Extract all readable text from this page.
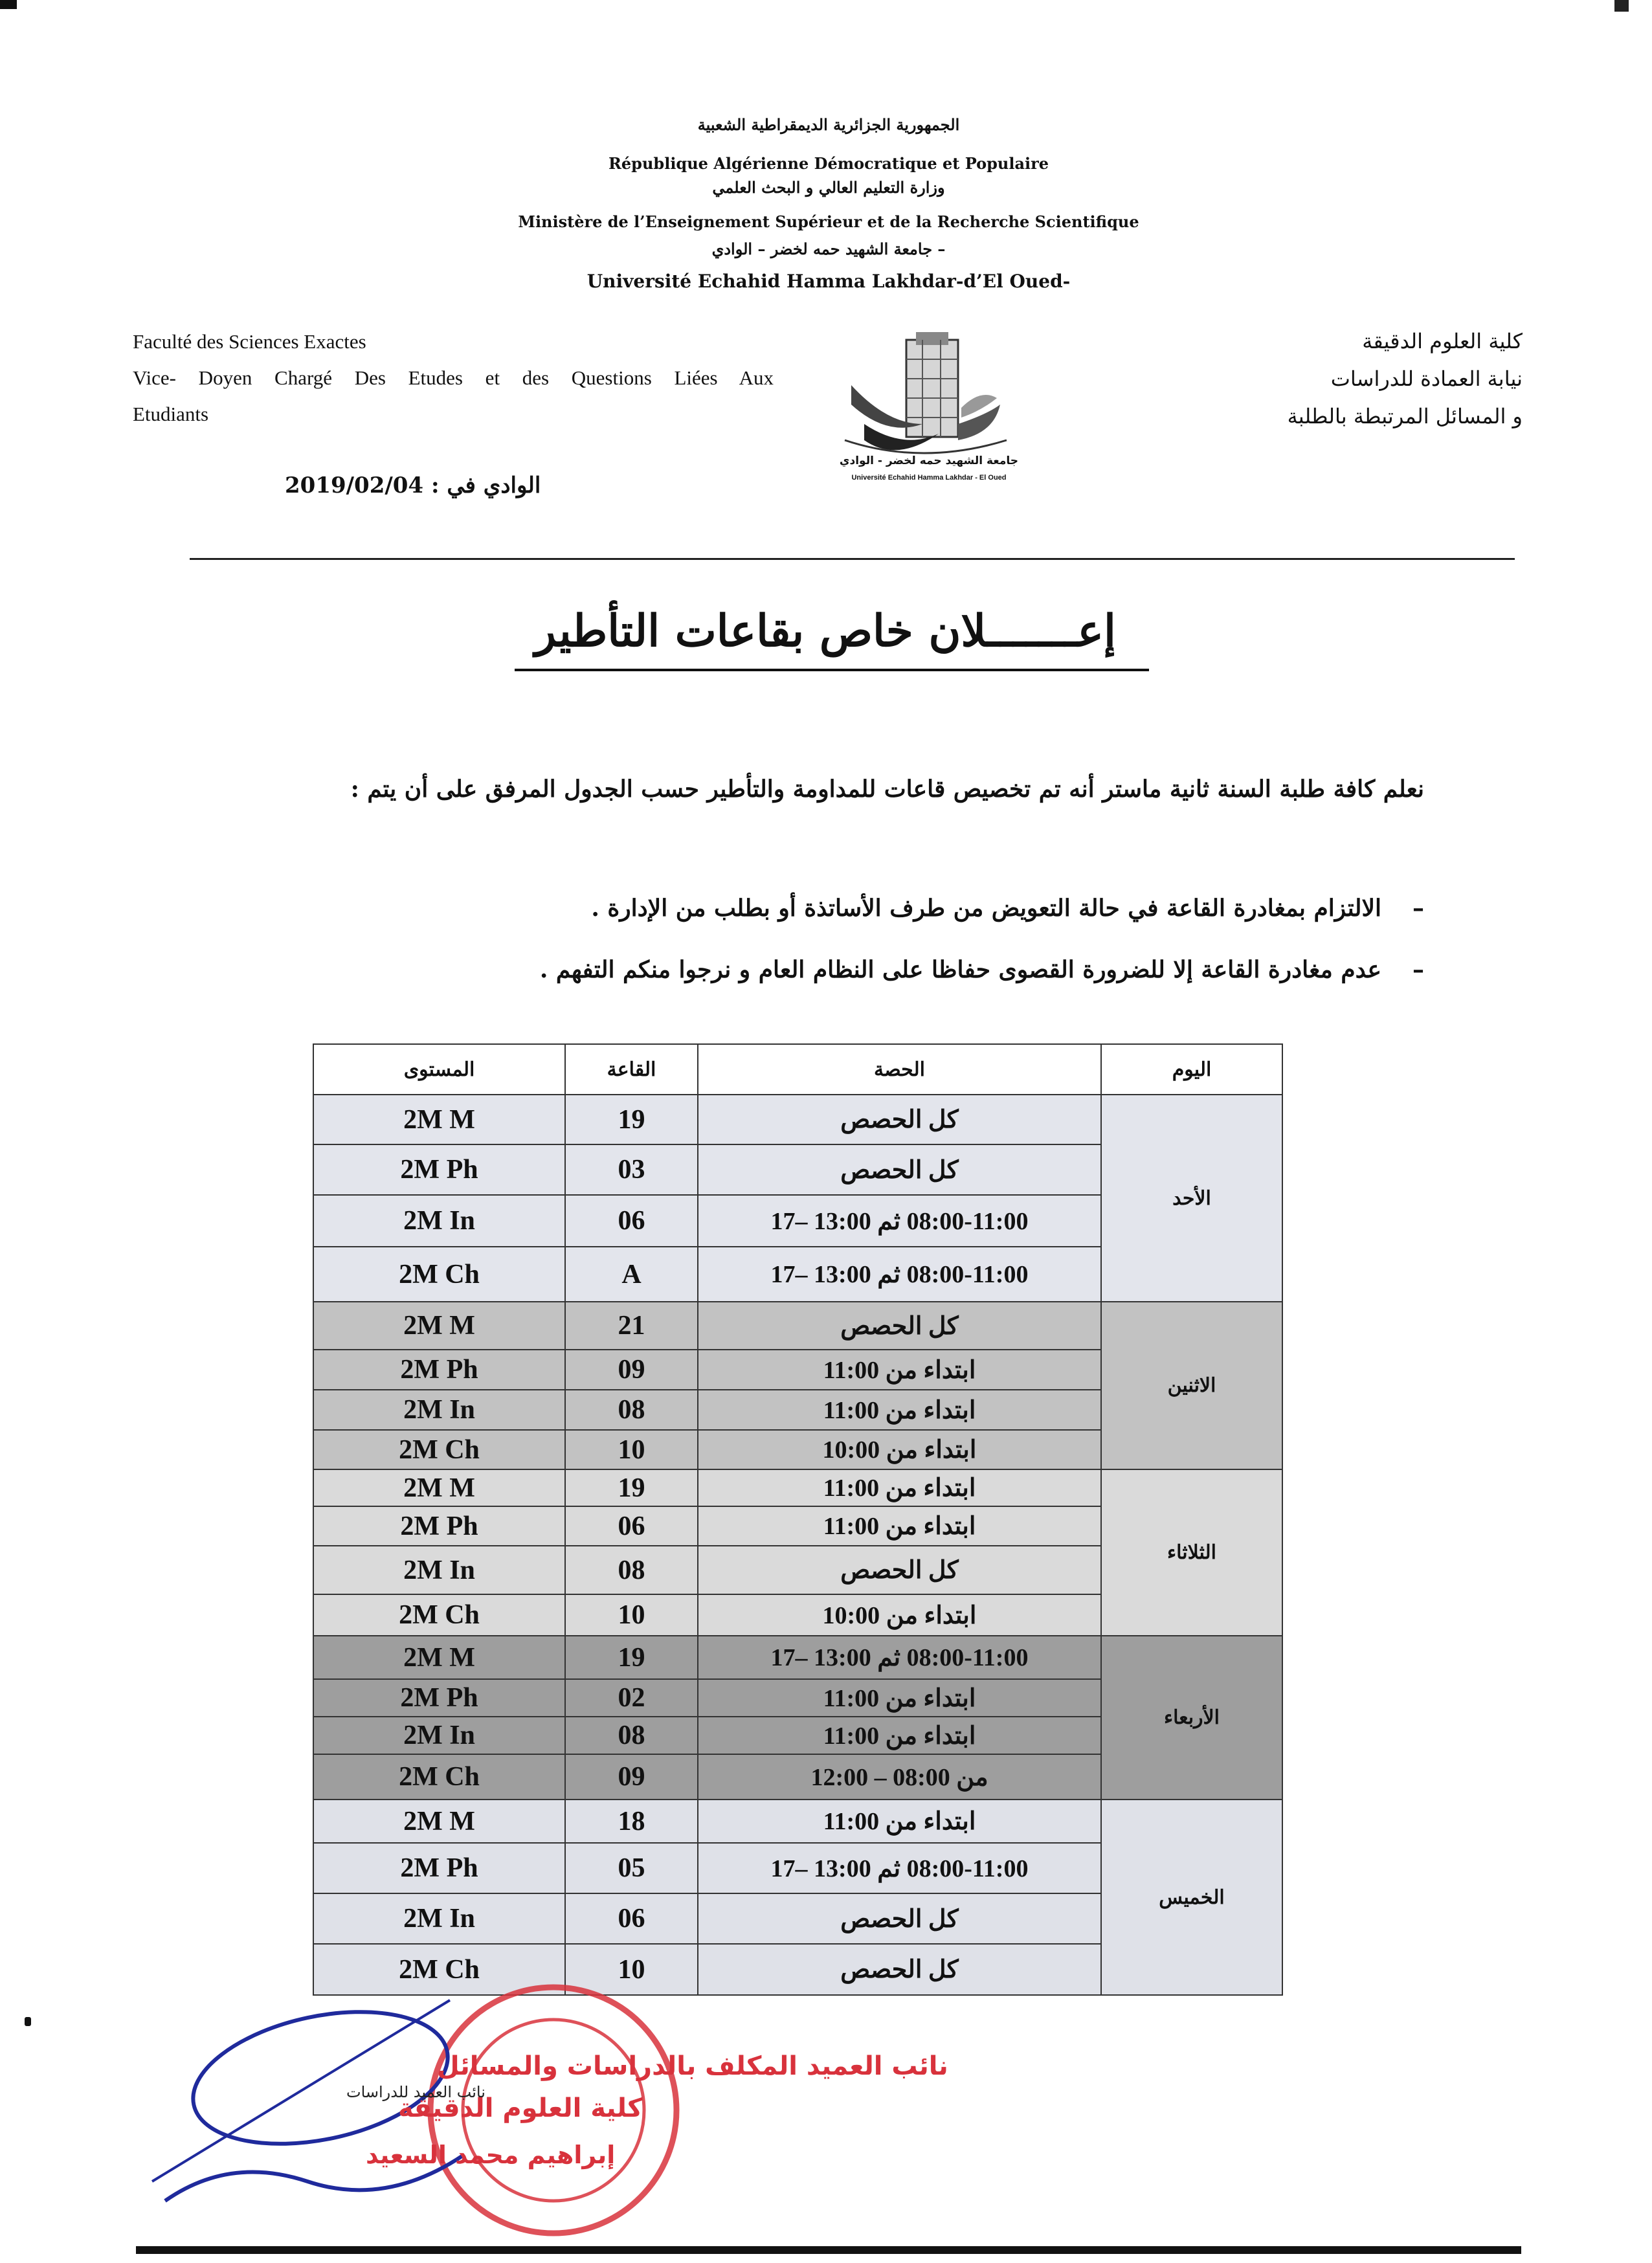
الجمهورية الجزائرية الديمقراطية الشعبية
République Algérienne Démocratique et Populaire
وزارة التعليم العالي و البحث العلمي
Ministère de l’Enseignement Supérieur et de la Recherche Scientifique
جامعة الشهيد حمه لخضر – الوادي –
Université Echahid Hamma Lakhdar-d’El Oued-
Faculté des Sciences Exactes
Vice- Doyen Chargé Des Etudes et des Questions Liées Aux
Etudiants
كلية العلوم الدقيقة
نيابة العمادة للدراسات
و المسائل المرتبطة بالطلبة
جامعة الشهيد حمه لخضر - الوادي
Université Echahid Hamma Lakhdar - El Oued
الوادي في : 2019/02/04
إعـــــــلان خاص بقاعات التأطير
نعلم كافة طلبة السنة ثانية ماستر أنه تم تخصيص قاعات للمداومة والتأطير حسب الجدول المرفق على أن يتم :
–الالتزام بمغادرة القاعة في حالة التعويض من طرف الأساتذة أو بطلب من الإدارة .
–عدم مغادرة القاعة إلا للضرورة القصوى حفاظا على النظام العام و نرجوا منكم التفهم .
اليوم	الحصة	القاعة	المستوى
الأحد	كل الحصص	19	2M M
	كل الحصص	03	2M Ph
	08:00-11:00 ثم 13:00 –17	06	2M In
	08:00-11:00 ثم 13:00 –17	A	2M Ch
الاثنين	كل الحصص	21	2M M
	ابتداء من 11:00	09	2M Ph
	ابتداء من 11:00	08	2M In
	ابتداء من 10:00	10	2M Ch
الثلاثاء	ابتداء من 11:00	19	2M M
	ابتداء من 11:00	06	2M Ph
	كل الحصص	08	2M In
	ابتداء من 10:00	10	2M Ch
الأربعاء	08:00-11:00 ثم 13:00 –17	19	2M M
	ابتداء من 11:00	02	2M Ph
	ابتداء من 11:00	08	2M In
	من 08:00 – 12:00	09	2M Ch
الخميس	ابتداء من 11:00	18	2M M
	08:00-11:00 ثم 13:00 –17	05	2M Ph
	كل الحصص	06	2M In
	كل الحصص	10	2M Ch
نائب العميد المكلف بالدراسات والمسائل
كلية العلوم الدقيقة
إبراهيم محمد السعيد
نائب العميد للدراسات
